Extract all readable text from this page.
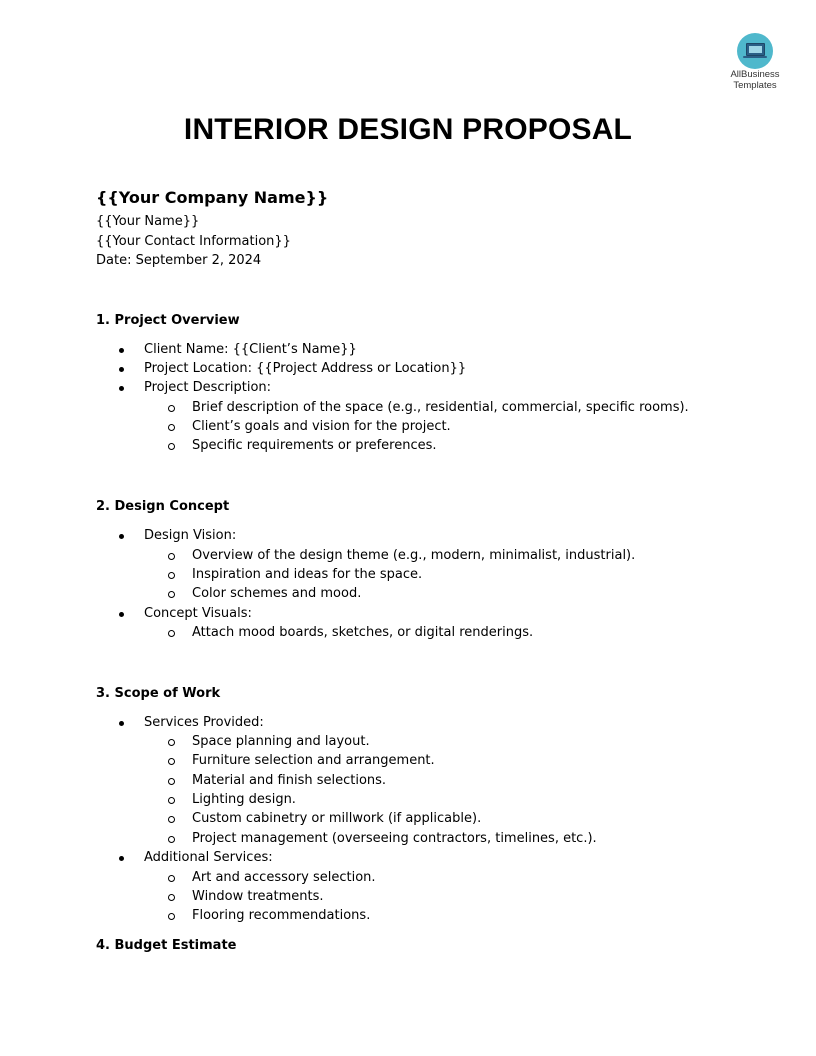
AllBusiness
Templates
INTERIOR DESIGN PROPOSAL
{{Your Company Name}}
{{Your Name}}
{{Your Contact Information}}
Date: September 2, 2024
1. Project Overview
Client Name: {{Client’s Name}}
Project Location: {{Project Address or Location}}
Project Description:
Brief description of the space (e.g., residential, commercial, specific rooms).
Client’s goals and vision for the project.
Specific requirements or preferences.
2. Design Concept
Design Vision:
Overview of the design theme (e.g., modern, minimalist, industrial).
Inspiration and ideas for the space.
Color schemes and mood.
Concept Visuals:
Attach mood boards, sketches, or digital renderings.
3. Scope of Work
Services Provided:
Space planning and layout.
Furniture selection and arrangement.
Material and finish selections.
Lighting design.
Custom cabinetry or millwork (if applicable).
Project management (overseeing contractors, timelines, etc.).
Additional Services:
Art and accessory selection.
Window treatments.
Flooring recommendations.
4. Budget Estimate
